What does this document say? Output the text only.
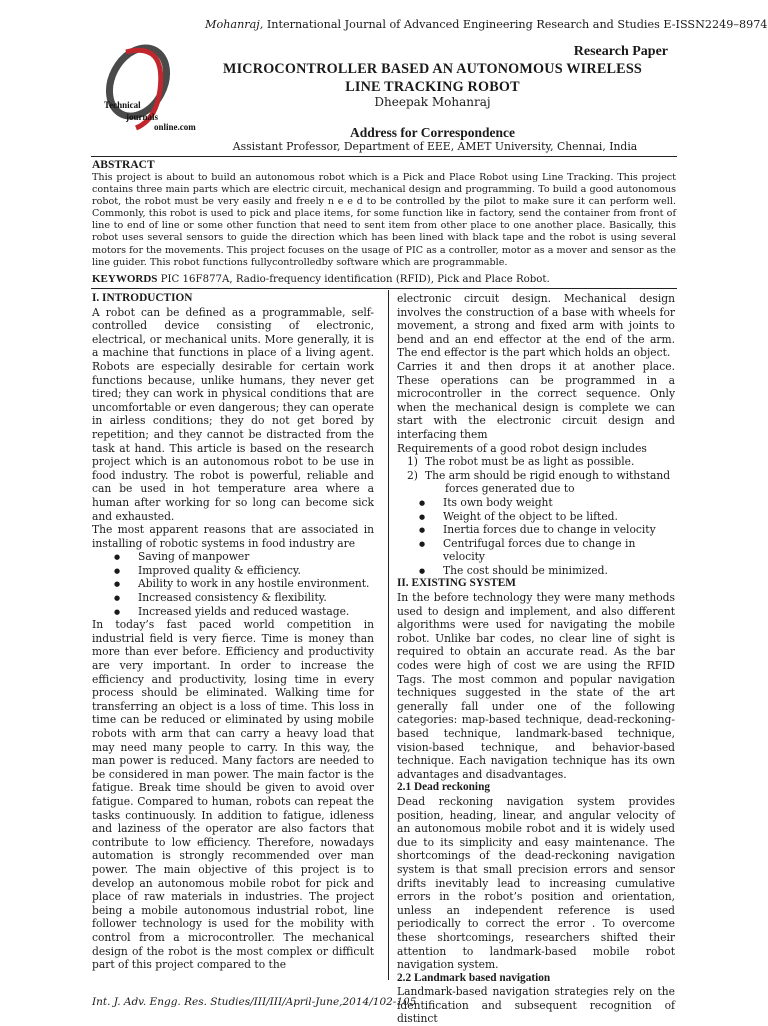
Mohanraj, International Journal of Advanced Engineering Research and Studies E-ISSN2249–8974
Technical
journals
online.com
Research Paper
MICROCONTROLLER BASED AN AUTONOMOUS WIRELESS
LINE TRACKING ROBOT
Dheepak Mohanraj
Address for Correspondence
Assistant Professor, Department of EEE, AMET University, Chennai, India
ABSTRACT
This project is about to build an autonomous robot which is a Pick and Place Robot using Line Tracking. This project contains three main parts which are electric circuit, mechanical design and programming. To build a good autonomous robot, the robot must be very easily and freely n e e d to be controlled by the pilot to make sure it can perform well. Commonly, this robot is used to pick and place items, for some function like in factory, send the container from front of line to end of line or some other function that need to sent item from other place to one another place. Basically, this robot uses several sensors to guide the direction which has been lined with black tape and the robot is using several motors for the movements. This project focuses on the usage of PIC as a controller, motor as a mover and sensor as the line guider. This robot functions fullycontrolledby software which are programmable.
KEYWORDS PIC 16F877A, Radio-frequency identification (RFID), Pick and Place Robot.

I. INTRODUCTION

A robot can be defined as a programmable, self-controlled device consisting of electronic, electrical, or mechanical units. More generally, it is a machine that functions in place of a living agent. Robots are especially desirable for certain work functions because, unlike humans, they never get tired; they can work in physical conditions that are uncomfortable or even dangerous; they can operate in airless conditions; they do not get bored by repetition; and they cannot be distracted from the task at hand. This article is based on the research project which is an autonomous robot to be use in food industry. The robot is powerful, reliable and can be used in hot temperature area where a human after working for so long can become sick and exhausted.

The most apparent reasons that are associated in installing of robotic systems in food industry are

● Saving of manpower
● Improved quality & efficiency.
● Ability to work in any hostile environment.
● Increased consistency & flexibility.
● Increased yields and reduced wastage.

In today’s fast paced world competition in industrial field is very fierce. Time is money than more than ever before. Efficiency and productivity are very important. In order to increase the efficiency and productivity, losing time in every process should be eliminated. Walking time for transferring an object is a loss of time. This loss in time can be reduced or eliminated by using mobile robots with arm that can carry a heavy load that may need many people to carry. In this way, the man power is reduced. Many factors are needed to be considered in man power. The main factor is the fatigue. Break time should be given to avoid over fatigue. Compared to human, robots can repeat the tasks continuously. In addition to fatigue, idleness and laziness of the operator are also factors that contribute to low efficiency. Therefore, nowadays automation is strongly recommended over man power. The main objective of this project is to develop an autonomous mobile robot for pick and place of raw materials in industries. The project being a mobile autonomous industrial robot, line follower technology is used for the mobility with control from a microcontroller. The mechanical design of the robot is the most complex or difficult part of this project compared to the

electronic circuit design. Mechanical design involves the construction of a base with wheels for movement, a strong and fixed arm with joints to bend and an end effector at the end of the arm. The end effector is the part which holds an object.

Carries it and then drops it at another place. These operations can be programmed in a microcontroller in the correct sequence. Only when the mechanical design is complete we can start with the electronic circuit design and interfacing them

Requirements of a good robot design includes

1) The robot must be as light as possible.
2) The arm should be rigid enough to withstand
forces generated due to
● Its own body weight
● Weight of the object to be lifted.
● Inertia forces due to change in velocity
● Centrifugal forces due to change in velocity
● The cost should be minimized.

II. EXISTING SYSTEM

In the before technology they were many methods used to design and implement, and also different algorithms were used for navigating the mobile robot. Unlike bar codes, no clear line of sight is required to obtain an accurate read. As the bar codes were high of cost we are using the RFID Tags. The most common and popular navigation techniques suggested in the state of the art generally fall under one of the following categories: map-based technique, dead-reckoning-based technique, landmark-based technique, vision-based technique, and behavior-based technique. Each navigation technique has its own advantages and disadvantages.

2.1 Dead reckoning

Dead reckoning navigation system provides position, heading, linear, and angular velocity of an autonomous mobile robot and it is widely used due to its simplicity and easy maintenance. The shortcomings of the dead-reckoning navigation system is that small precision errors and sensor drifts inevitably lead to increasing cumulative errors in the robot’s position and orientation, unless an independent reference is used periodically to correct the error . To overcome these shortcomings, researchers shifted their attention to landmark-based mobile robot navigation system.

2.2 Landmark based navigation

Landmark-based navigation strategies rely on the identification and subsequent recognition of distinct

Int. J. Adv. Engg. Res. Studies/III/III/April-June,2014/102-105
